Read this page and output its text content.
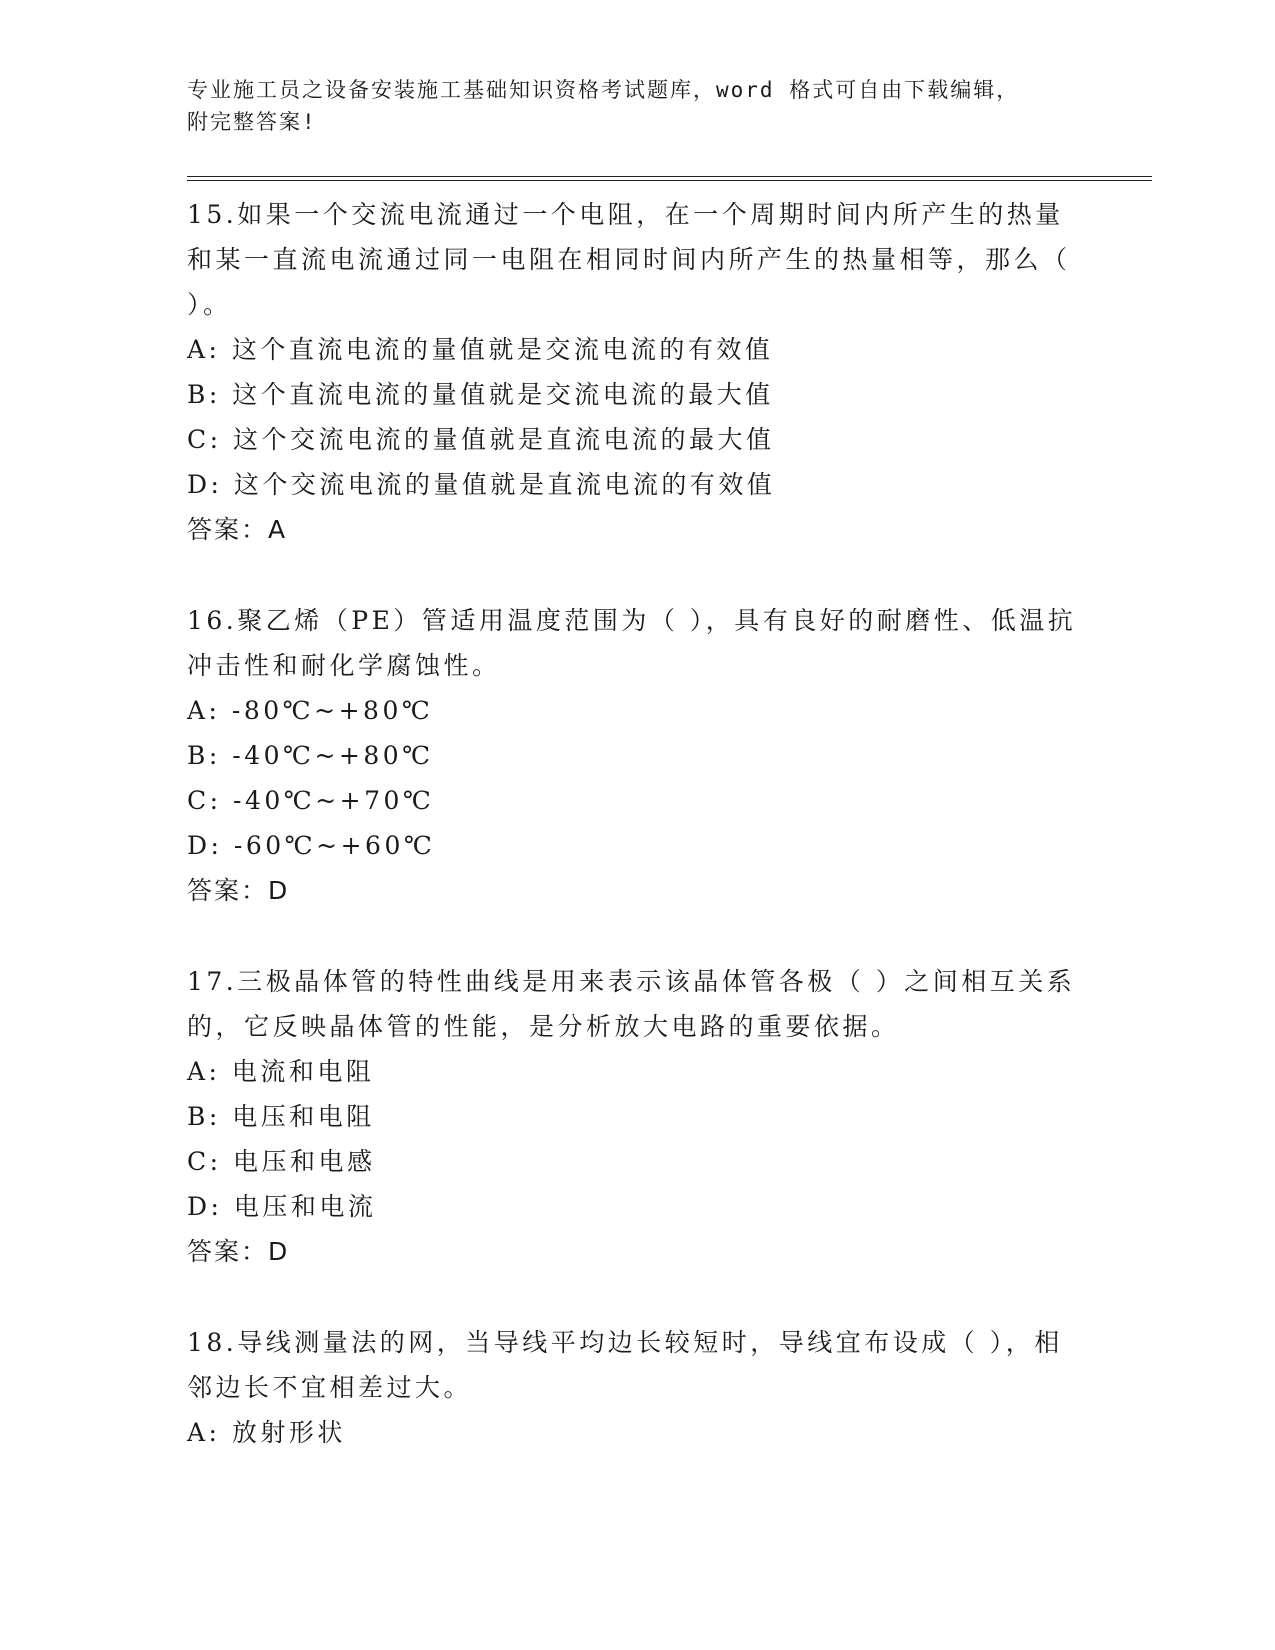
专业施工员之设备安装施工基础知识资格考试题库，word 格式可自由下载编辑，
附完整答案!
15.如果一个交流电流通过一个电阻，在一个周期时间内所产生的热量和某一直流电流通过同一电阻在相同时间内所产生的热量相等，那么（ ）。
A: 这个直流电流的量值就是交流电流的有效值
B: 这个直流电流的量值就是交流电流的最大值
C: 这个交流电流的量值就是直流电流的最大值
D: 这个交流电流的量值就是直流电流的有效值
答案：A
16.聚乙烯（PE）管适用温度范围为（ ），具有良好的耐磨性、低温抗冲击性和耐化学腐蚀性。
A: -80℃~+80℃
B: -40℃~+80℃
C: -40℃~+70℃
D: -60℃~+60℃
答案：D
17.三极晶体管的特性曲线是用来表示该晶体管各极（ ）之间相互关系的，它反映晶体管的性能，是分析放大电路的重要依据。
A: 电流和电阻
B: 电压和电阻
C: 电压和电感
D: 电压和电流
答案：D
18.导线测量法的网，当导线平均边长较短时，导线宜布设成（ ），相邻边长不宜相差过大。
A: 放射形状
